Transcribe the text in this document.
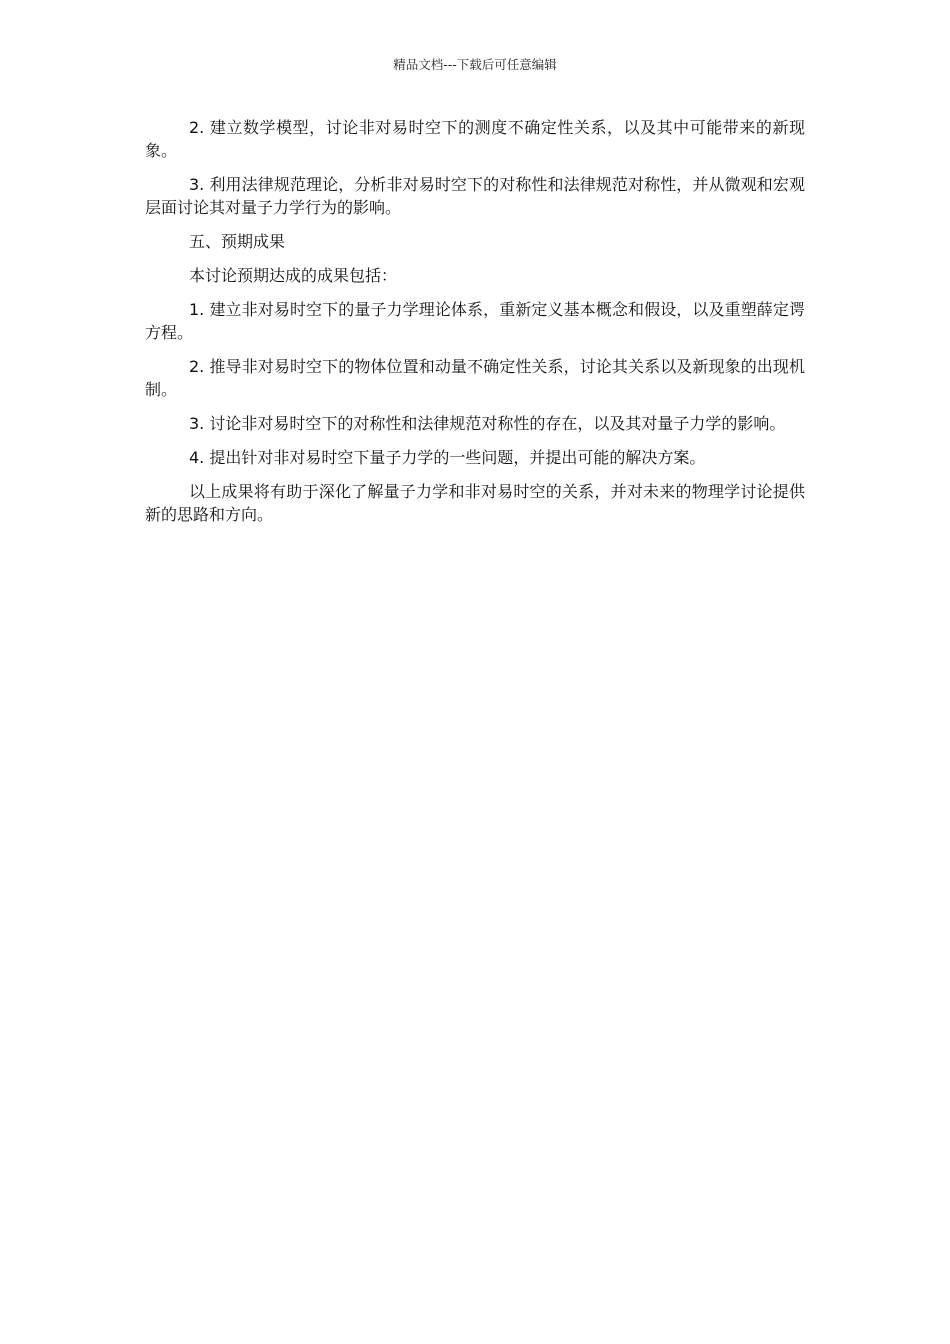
精品文档---下载后可任意编辑

2. 建立数学模型，讨论非对易时空下的测度不确定性关系，以及其中可能带来的新现象。

3. 利用法律规范理论，分析非对易时空下的对称性和法律规范对称性，并从微观和宏观层面讨论其对量子力学行为的影响。

五、预期成果

本讨论预期达成的成果包括：

1. 建立非对易时空下的量子力学理论体系，重新定义基本概念和假设，以及重塑薛定谔方程。

2. 推导非对易时空下的物体位置和动量不确定性关系，讨论其关系以及新现象的出现机制。

3. 讨论非对易时空下的对称性和法律规范对称性的存在，以及其对量子力学的影响。

4. 提出针对非对易时空下量子力学的一些问题，并提出可能的解决方案。

以上成果将有助于深化了解量子力学和非对易时空的关系，并对未来的物理学讨论提供新的思路和方向。
